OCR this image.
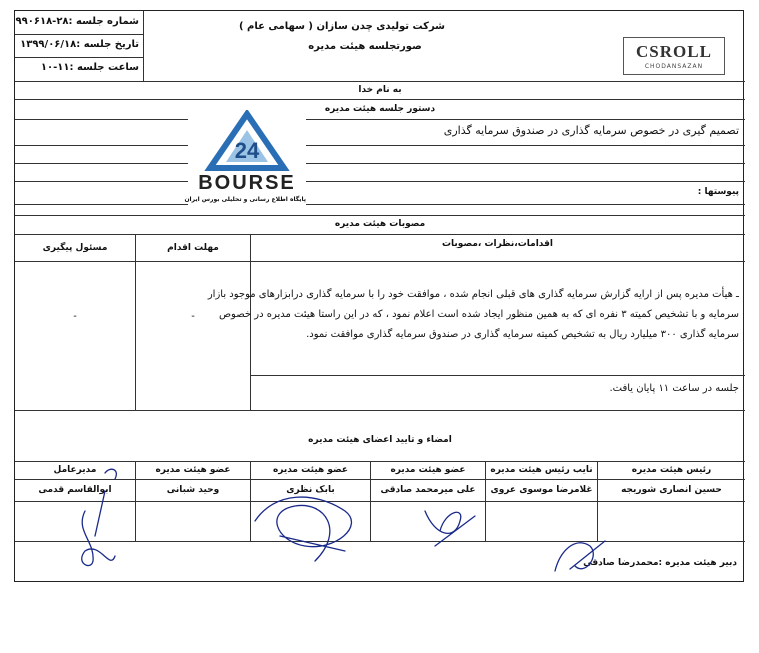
CSROLL
CHODANSAZAN
شرکت تولیدی چدن سازان ( سهامی عام )
صورتجلسه هیئت مدیره
شماره جلسه :۲۸-۹۹۰۶۱۸
تاریخ جلسه :۱۳۹۹/۰۶/۱۸
ساعت جلسه :۱۱-۱۰
به نام خدا
دستور جلسه هیئت مدیره
تصمیم گیری در خصوص سرمایه گذاری در صندوق سرمایه گذاری
پیوستها :
مصوبات هیئت مدیره
اقدامات،نظرات ،مصوبات
مهلت اقدام
مسئول پیگیری
ـ هیأت مدیره پس از ارایه گزارش سرمایه گذاری های قبلی انجام شده ، موافقت خود را با سرمایه گذاری درابزارهای موجود بازار
سرمایه و با تشخیص کمیته ۳ نفره ای که به همین منظور ایجاد شده است اعلام نمود ، که در این راستا هیئت مدیره در خصوص
سرمایه گذاری ۳۰۰ میلیارد ریال به تشخیص کمیته سرمایه گذاری در صندوق سرمایه گذاری موافقت نمود.
-
-
جلسه در ساعت ۱۱ پایان یافت.
امضاء و تایید اعضای هیئت مدیره
رئیس هیئت مدیره
نایب رئیس هیئت مدیره
عضو هیئت مدیره
عضو هیئت مدیره
عضو هیئت مدیره
مدیرعامل
حسین انصاری شوریجه
غلامرضا موسوی عروی
علی میرمحمد صادقی
بابک نظری
وحید شبانی
ابوالقاسم قدمی
دبیر هیئت مدیره :محمدرضا صادقی
24
BOURSE
پایگاه اطلاع رسانی و تحلیلی بورس ایران
